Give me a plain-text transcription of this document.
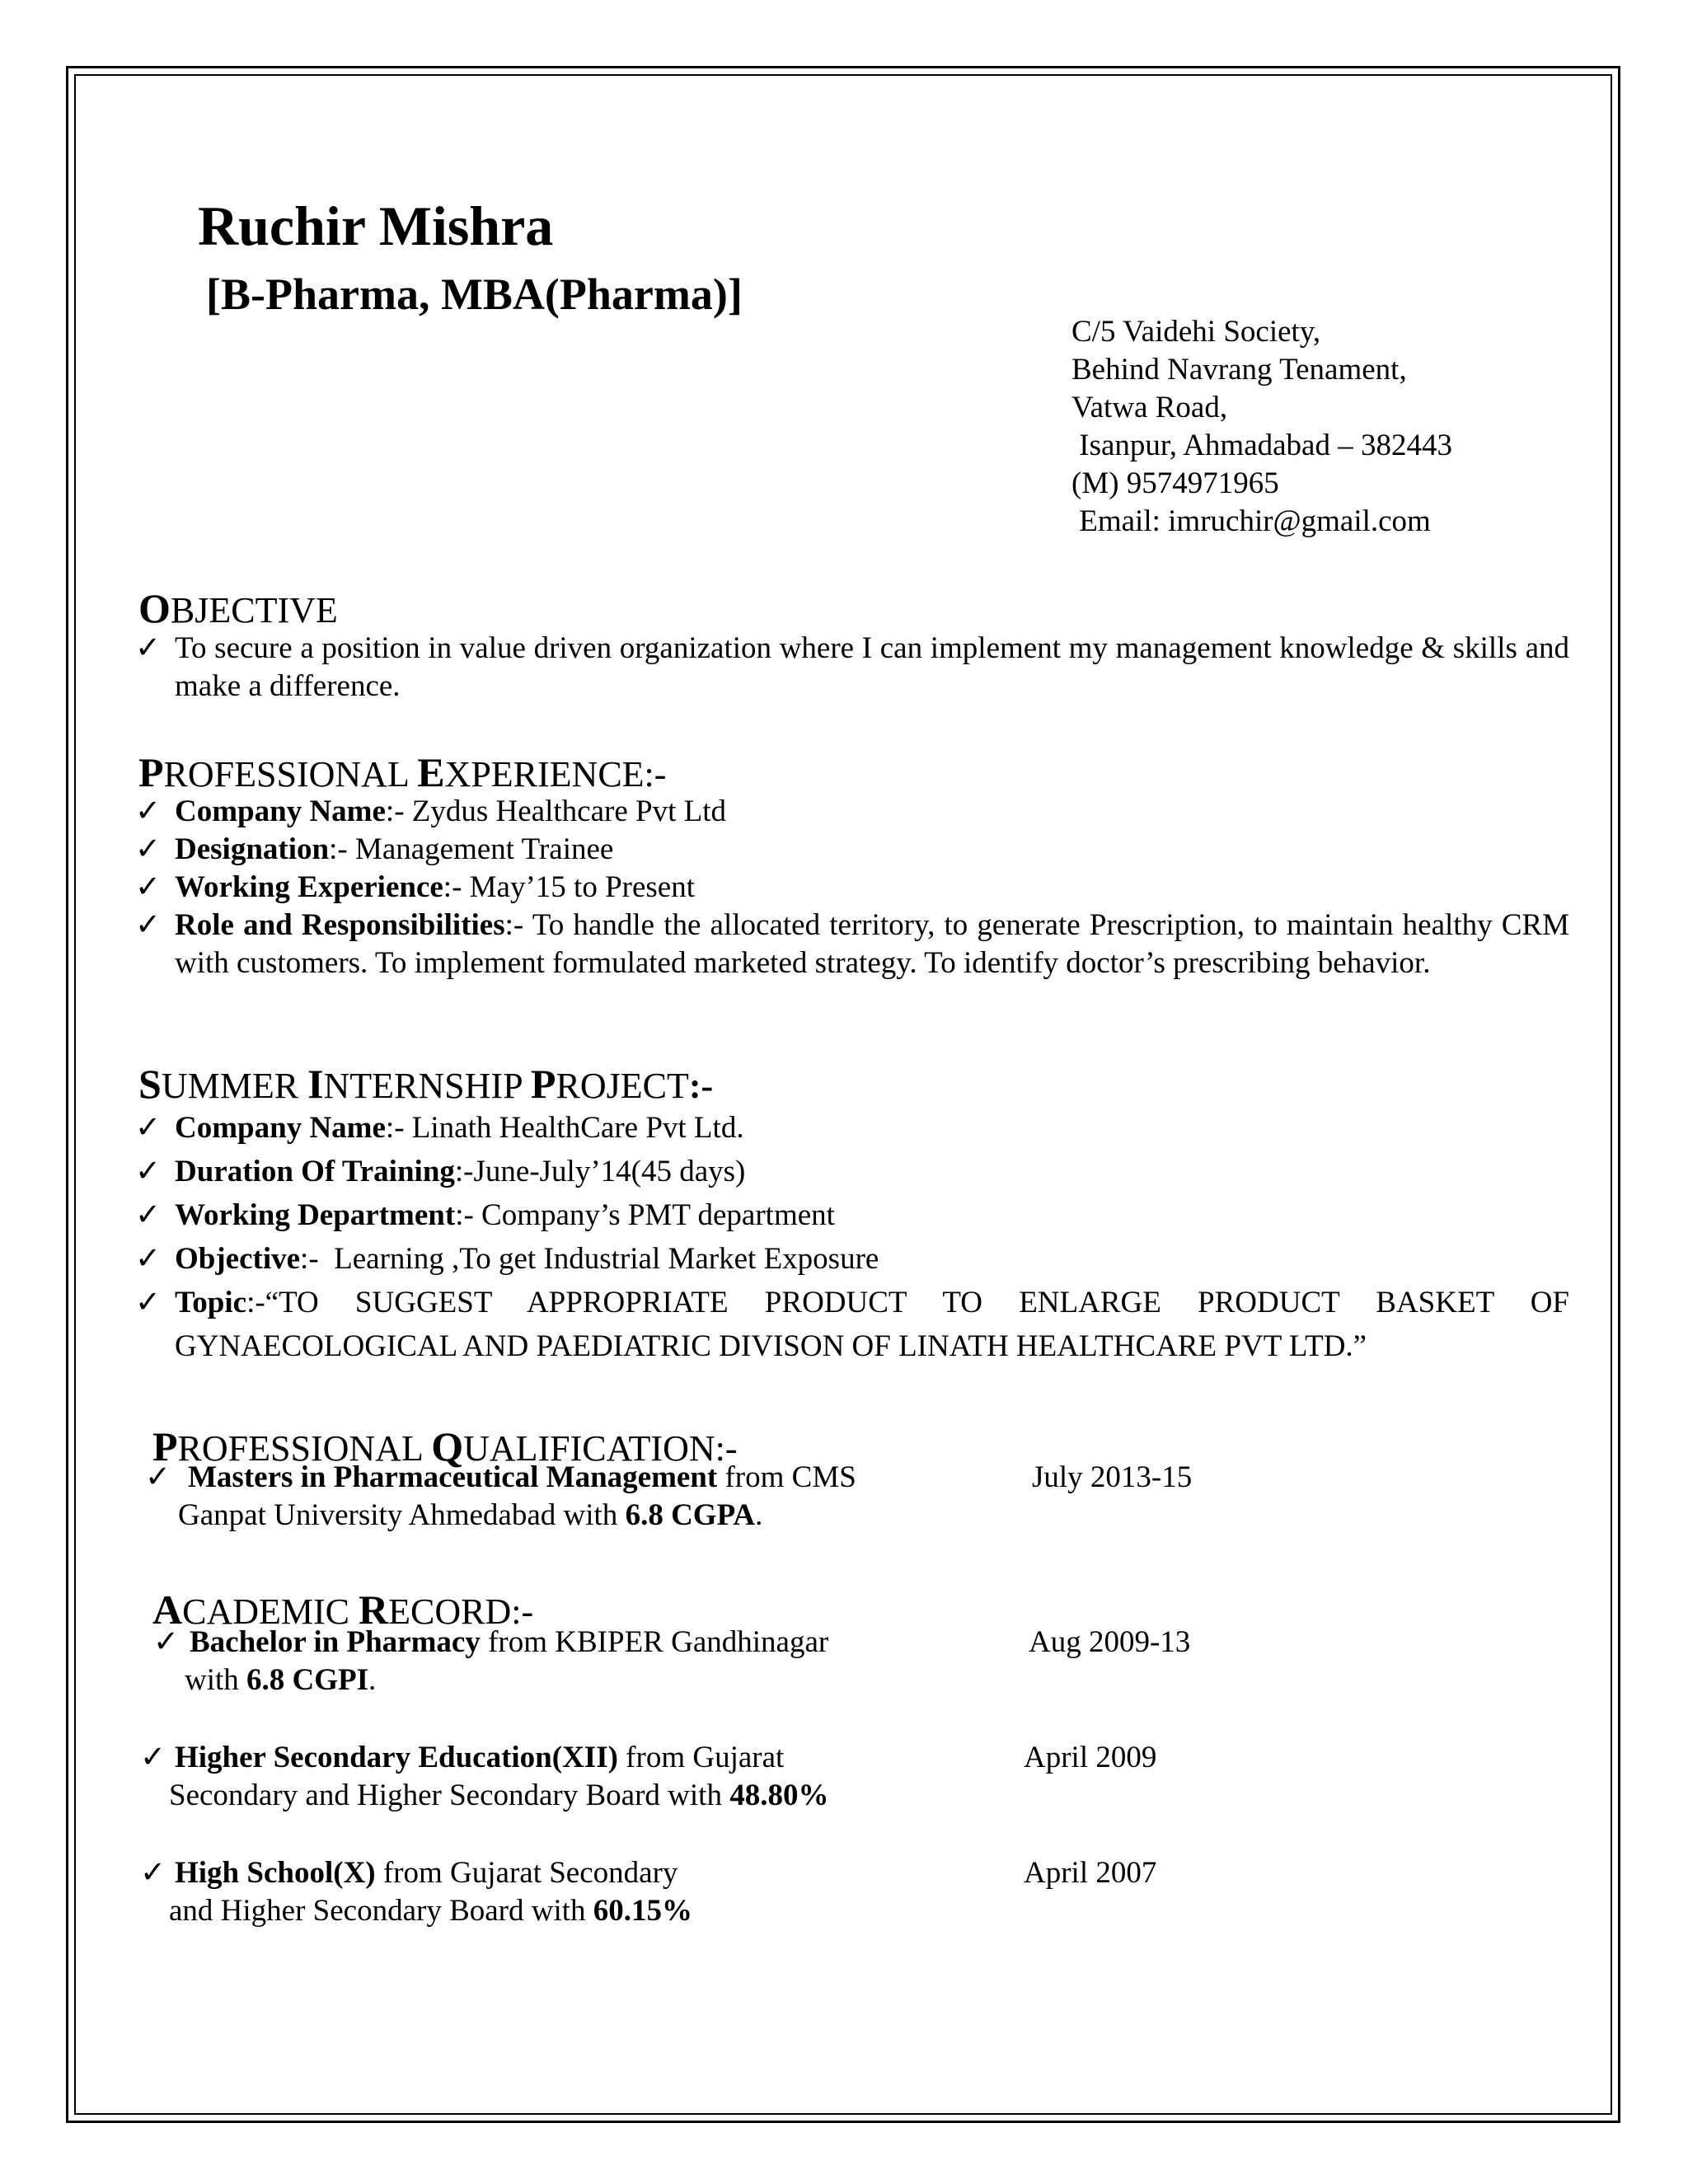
Ruchir Mishra
[B-Pharma, MBA(Pharma)]
C/5 Vaidehi Society,
Behind Navrang Tenament,
Vatwa Road,
Isanpur, Ahmadabad – 382443
(M) 9574971965
Email: imruchir@gmail.com
OBJECTIVE
✓ To secure a position in value driven organization where I can implement my management knowledge & skills and make a difference.
PROFESSIONAL EXPERIENCE:-
✓ Company Name:- Zydus Healthcare Pvt Ltd
✓ Designation:- Management Trainee
✓ Working Experience:- May’15 to Present
✓ Role and Responsibilities:- To handle the allocated territory, to generate Prescription, to maintain healthy CRM with customers. To implement formulated marketed strategy. To identify doctor’s prescribing behavior.
SUMMER INTERNSHIP PROJECT:-
✓ Company Name:- Linath HealthCare Pvt Ltd.
✓ Duration Of Training:-June-July’14(45 days)
✓ Working Department:- Company’s PMT department
✓ Objective:-  Learning ,To get Industrial Market Exposure
✓ Topic:-“TO SUGGEST APPROPRIATE PRODUCT TO ENLARGE PRODUCT BASKET OF GYNAECOLOGICAL AND PAEDIATRIC DIVISON OF LINATH HEALTHCARE PVT LTD.”
PROFESSIONAL QUALIFICATION:-
✓ Masters in Pharmaceutical Management from CMS
Ganpat University Ahmedabad with 6.8 CGPA.
July 2013-15
ACADEMIC RECORD:-
✓ Bachelor in Pharmacy from KBIPER Gandhinagar
with 6.8 CGPI.
Aug 2009-13
✓ Higher Secondary Education(XII) from Gujarat
Secondary and Higher Secondary Board with 48.80%
April 2009
✓ High School(X) from Gujarat Secondary
and Higher Secondary Board with 60.15%
April 2007
